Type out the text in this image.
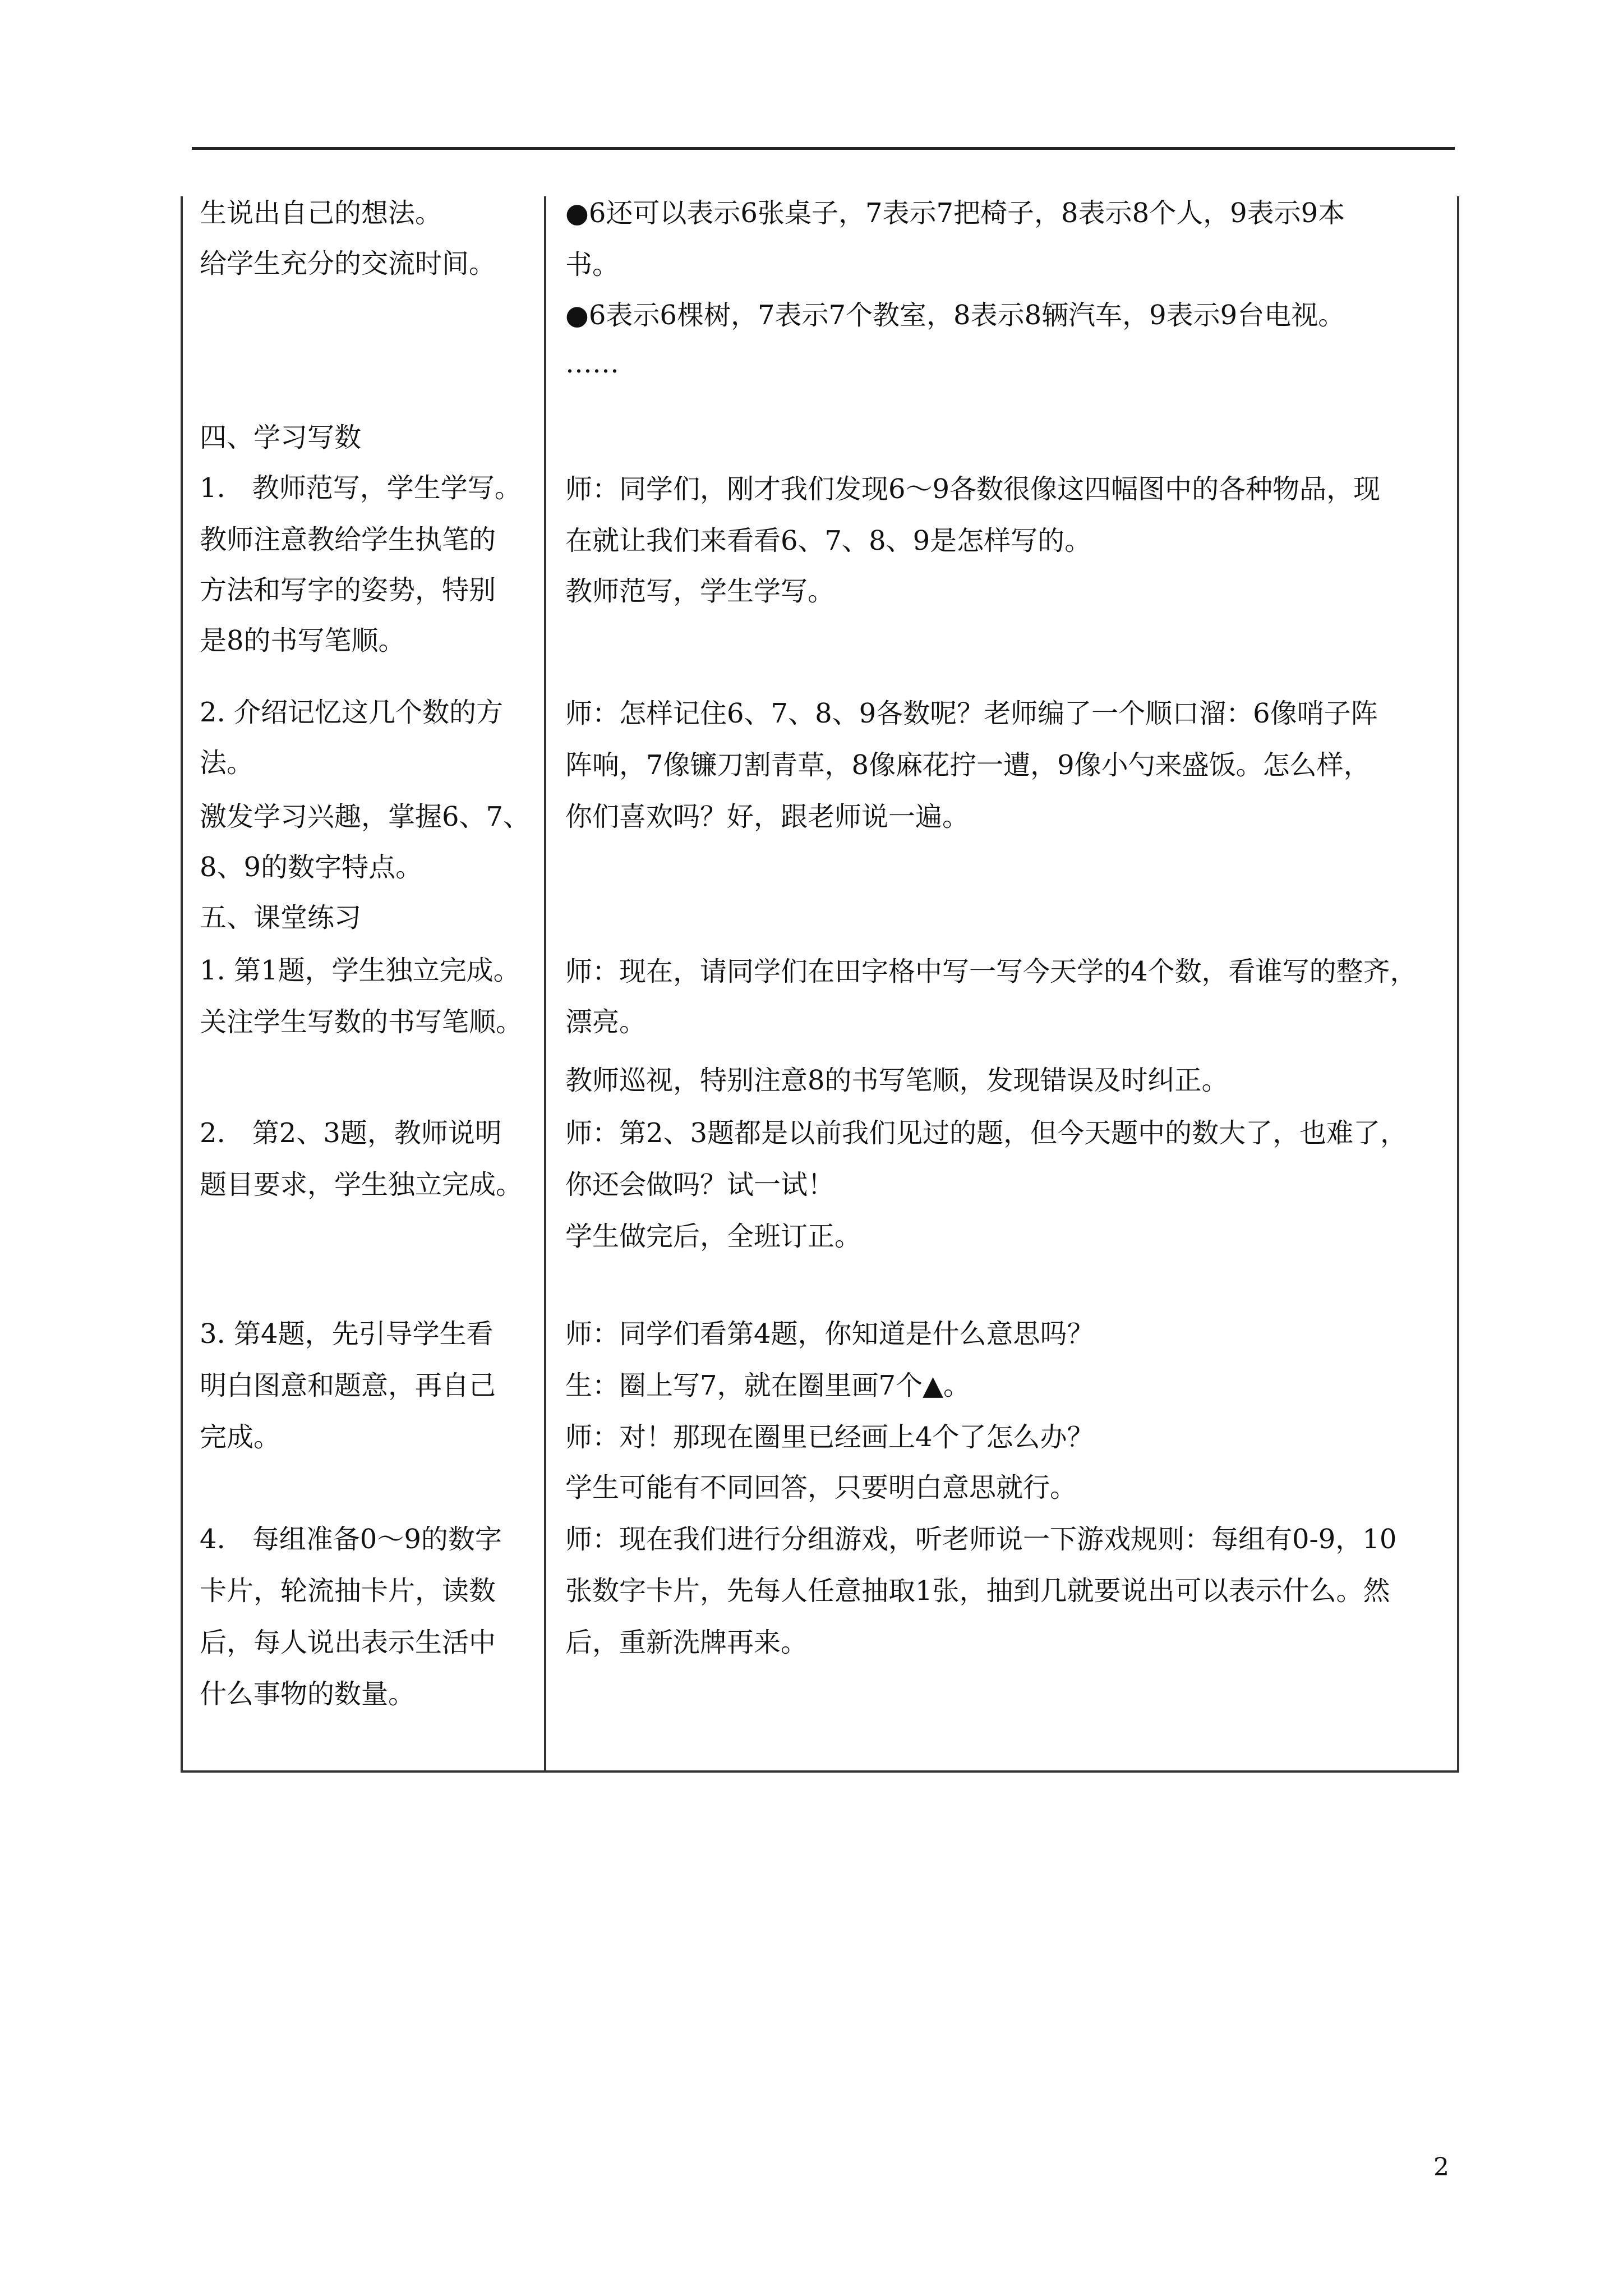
生说出自己的想法。
给学生充分的交流时间。
四、学习写数
1.　教师范写，学生学写。
教师注意教给学生执笔的
方法和写字的姿势，特别
是8的书写笔顺。
2. 介绍记忆这几个数的方
法。
激发学习兴趣，掌握6、7、
8、9的数字特点。
五、课堂练习
1. 第1题，学生独立完成。
关注学生写数的书写笔顺。
2.　第2、3题，教师说明
题目要求，学生独立完成。
3. 第4题，先引导学生看
明白图意和题意，再自己
完成。
4.　每组准备0～9的数字
卡片，轮流抽卡片，读数
后，每人说出表示生活中
什么事物的数量。
●6还可以表示6张桌子，7表示7把椅子，8表示8个人，9表示9本
书。
●6表示6棵树，7表示7个教室，8表示8辆汽车，9表示9台电视。
……
师：同学们，刚才我们发现6～9各数很像这四幅图中的各种物品，现
在就让我们来看看6、7、8、9是怎样写的。
教师范写，学生学写。
师：怎样记住6、7、8、9各数呢？老师编了一个顺口溜：6像哨子阵
阵响，7像镰刀割青草，8像麻花拧一遭，9像小勺来盛饭。怎么样，
你们喜欢吗？好，跟老师说一遍。
师：现在，请同学们在田字格中写一写今天学的4个数，看谁写的整齐，
漂亮。
教师巡视，特别注意8的书写笔顺，发现错误及时纠正。
师：第2、3题都是以前我们见过的题，但今天题中的数大了，也难了，
你还会做吗？试一试！
学生做完后，全班订正。
师：同学们看第4题，你知道是什么意思吗？
生：圈上写7，就在圈里画7个▲。
师：对！那现在圈里已经画上4个了怎么办？
学生可能有不同回答，只要明白意思就行。
师：现在我们进行分组游戏，听老师说一下游戏规则：每组有0-9，10
张数字卡片，先每人任意抽取1张，抽到几就要说出可以表示什么。然
后，重新洗牌再来。
2
